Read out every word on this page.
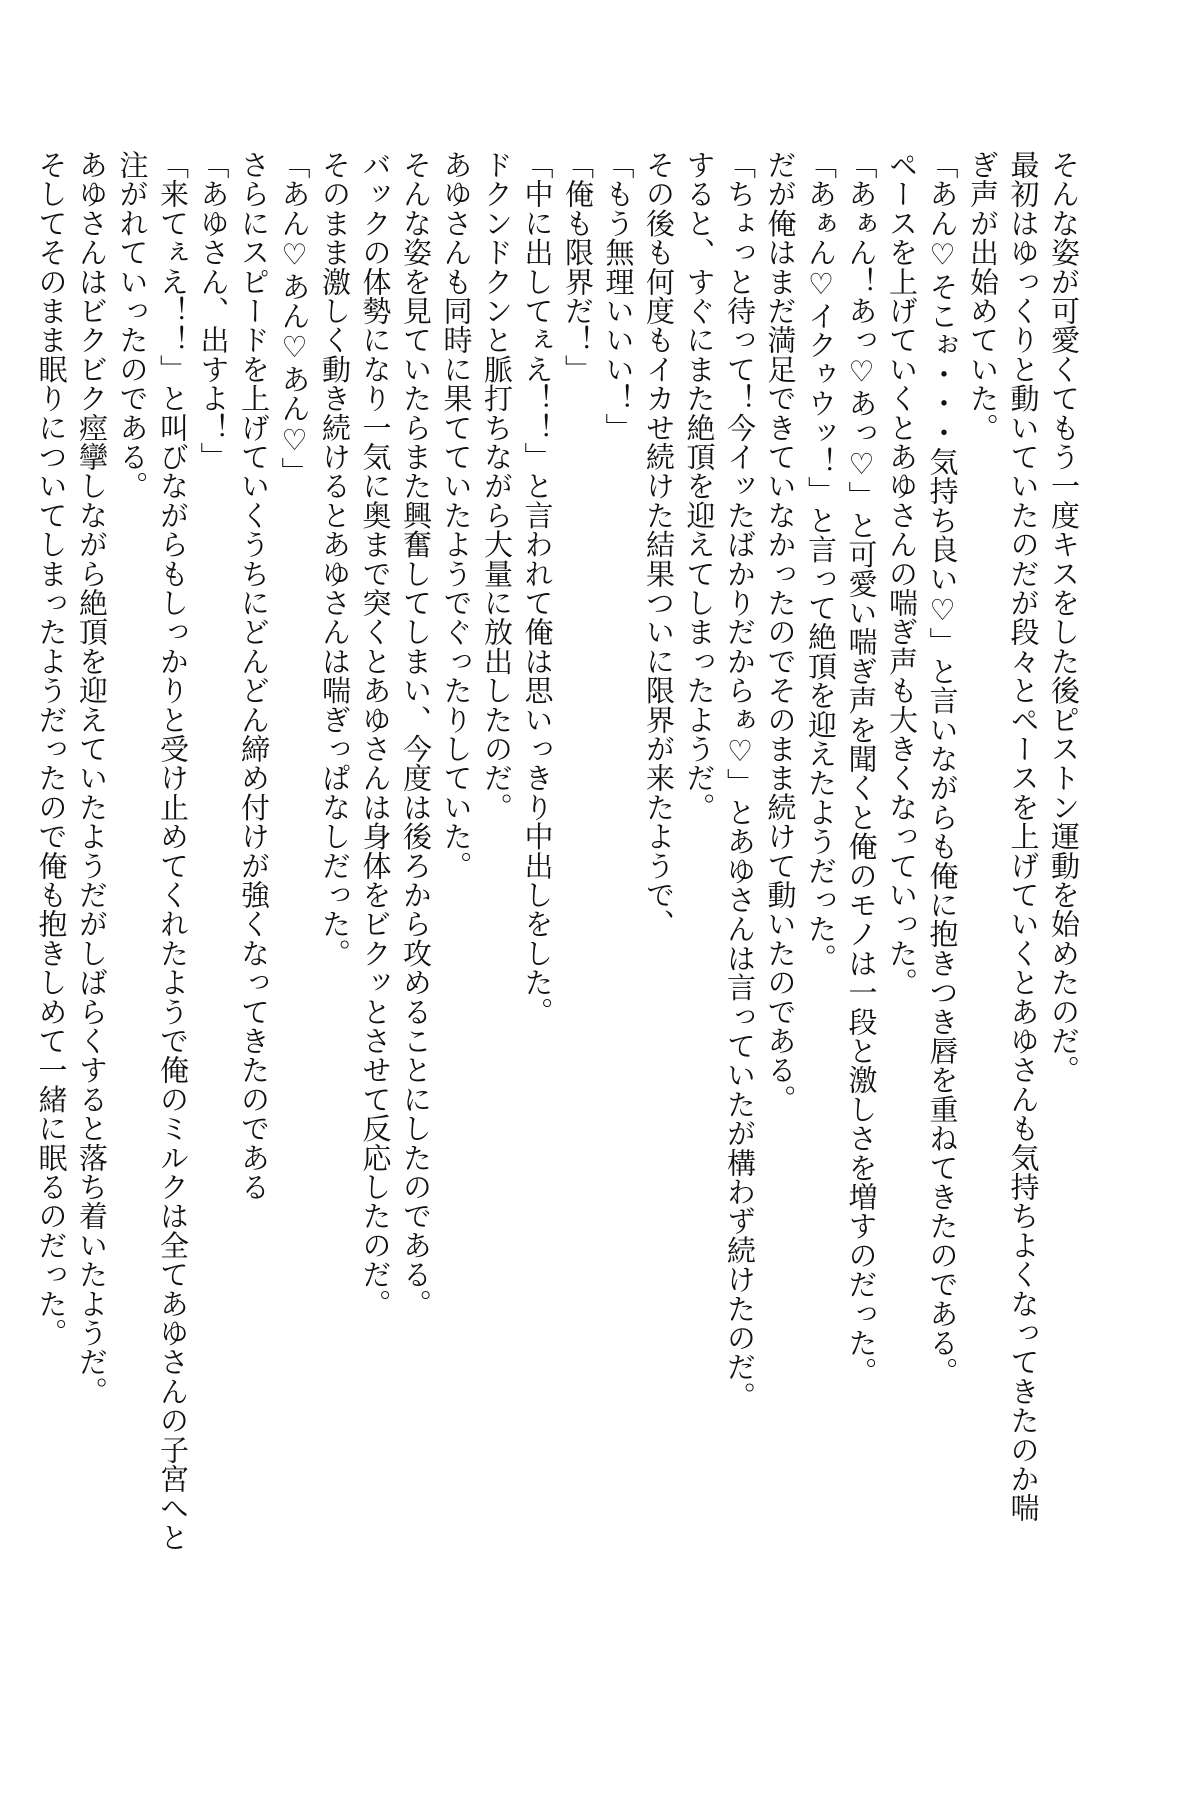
そんな姿が可愛くてもう一度キスをした後ピストン運動を始めたのだ。
最初はゆっくりと動いていたのだが段々とペースを上げていくとあゆさんも気持ちよくなってきたのか喘
ぎ声が出始めていた。
「あん♡そこぉ・・・気持ち良い♡」と言いながらも俺に抱きつき唇を重ねてきたのである。
ペースを上げていくとあゆさんの喘ぎ声も大きくなっていった。
「あぁん！あっ♡あっ♡」と可愛い喘ぎ声を聞くと俺のモノは一段と激しさを増すのだった。
「あぁん♡イクゥウッ！」と言って絶頂を迎えたようだった。
だが俺はまだ満足できていなかったのでそのまま続けて動いたのである。
「ちょっと待って！今イッたばかりだからぁ♡」とあゆさんは言っていたが構わず続けたのだ。
すると、すぐにまた絶頂を迎えてしまったようだ。
その後も何度もイカせ続けた結果ついに限界が来たようで、
「もう無理いいい！」
「俺も限界だ！」
「中に出してぇえ！！」と言われて俺は思いっきり中出しをした。
ドクンドクンと脈打ちながら大量に放出したのだ。
あゆさんも同時に果てていたようでぐったりしていた。
そんな姿を見ていたらまた興奮してしまい、今度は後ろから攻めることにしたのである。
バックの体勢になり一気に奥まで突くとあゆさんは身体をビクッとさせて反応したのだ。
そのまま激しく動き続けるとあゆさんは喘ぎっぱなしだった。
「あん♡あん♡あん♡」
さらにスピードを上げていくうちにどんどん締め付けが強くなってきたのである
「あゆさん、出すよ！」
「来てぇえ！！」と叫びながらもしっかりと受け止めてくれたようで俺のミルクは全てあゆさんの子宮へと
注がれていったのである。
あゆさんはビクビク痙攣しながら絶頂を迎えていたようだがしばらくすると落ち着いたようだ。
そしてそのまま眠りについてしまったようだったので俺も抱きしめて一緒に眠るのだった。
